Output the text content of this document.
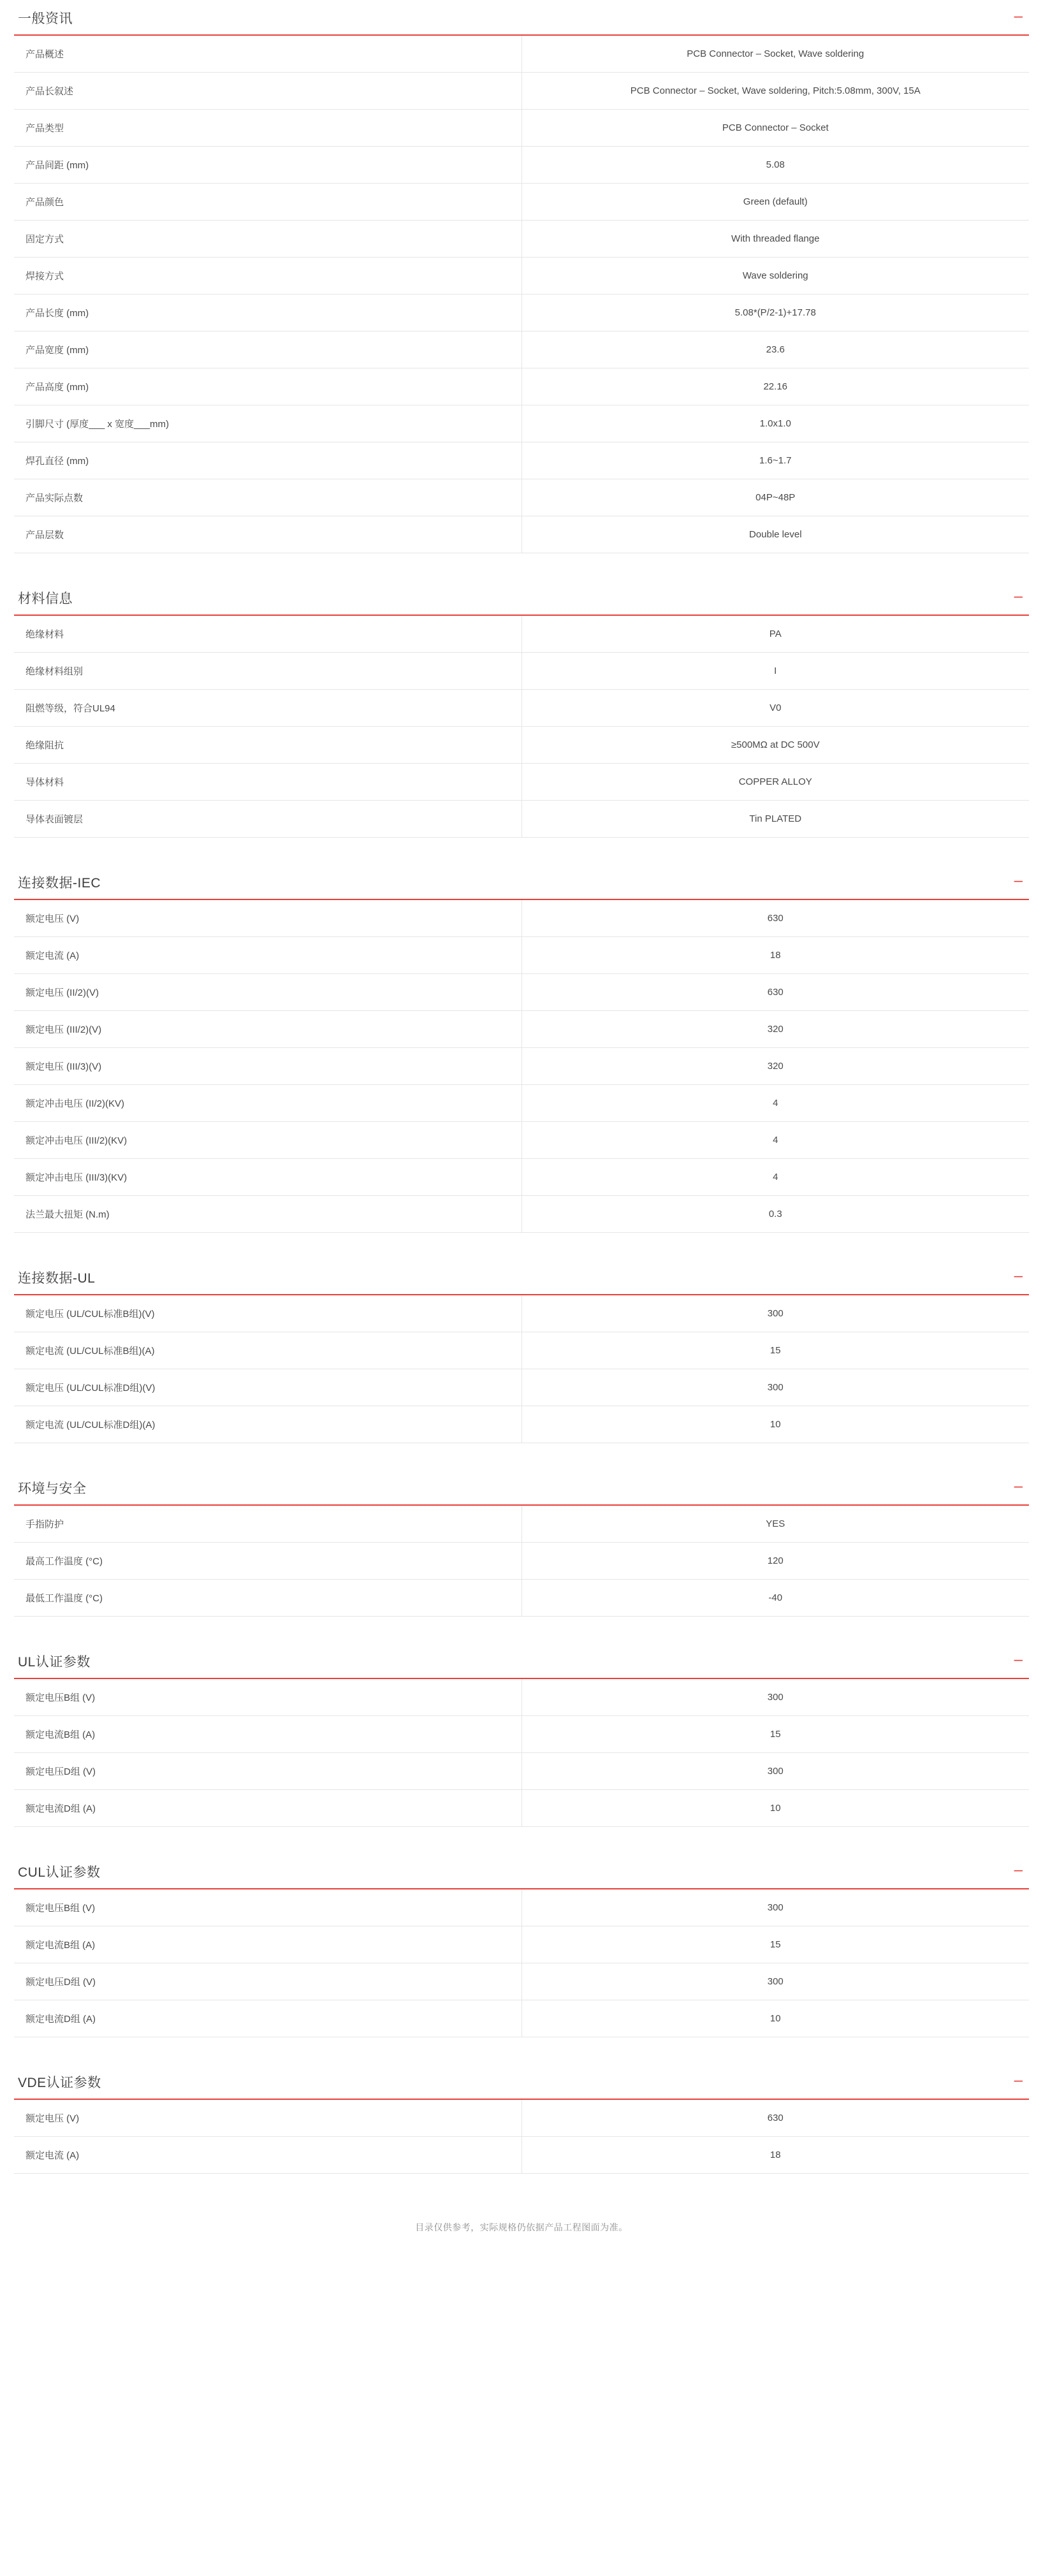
一般资讯	–
产品概述	PCB Connector – Socket, Wave soldering
产品长叙述	PCB Connector – Socket, Wave soldering, Pitch:5.08mm, 300V, 15A
产品类型	PCB Connector – Socket
产品间距 (mm)	5.08
产品颜色	Green (default)
固定方式	With threaded flange
焊接方式	Wave soldering
产品长度 (mm)	5.08*(P/2-1)+17.78
产品宽度 (mm)	23.6
产品高度 (mm)	22.16
引脚尺寸 (厚度___ x 宽度___mm)	1.0x1.0
焊孔直径 (mm)	1.6~1.7
产品实际点数	04P~48P
产品层数	Double level
材料信息	–
绝缘材料	PA
绝缘材料组别	I
阻燃等级，符合UL94	V0
绝缘阻抗	≥500MΩ at DC 500V
导体材料	COPPER ALLOY
导体表面镀层	Tin PLATED
连接数据-IEC	–
额定电压 (V)	630
额定电流 (A)	18
额定电压 (II/2)(V)	630
额定电压 (III/2)(V)	320
额定电压 (III/3)(V)	320
额定冲击电压 (II/2)(KV)	4
额定冲击电压 (III/2)(KV)	4
额定冲击电压 (III/3)(KV)	4
法兰最大扭矩 (N.m)	0.3
连接数据-UL	–
额定电压 (UL/CUL标准B组)(V)	300
额定电流 (UL/CUL标准B组)(A)	15
额定电压 (UL/CUL标准D组)(V)	300
额定电流 (UL/CUL标准D组)(A)	10
环境与安全	–
手指防护	YES
最高工作温度 (°C)	120
最低工作温度 (°C)	-40
UL认证参数	–
额定电压B组 (V)	300
额定电流B组 (A)	15
额定电压D组 (V)	300
额定电流D组 (A)	10
CUL认证参数	–
额定电压B组 (V)	300
额定电流B组 (A)	15
额定电压D组 (V)	300
额定电流D组 (A)	10
VDE认证参数	–
额定电压 (V)	630
额定电流 (A)	18
目录仅供参考，实际规格仍依据产品工程图面为准。
